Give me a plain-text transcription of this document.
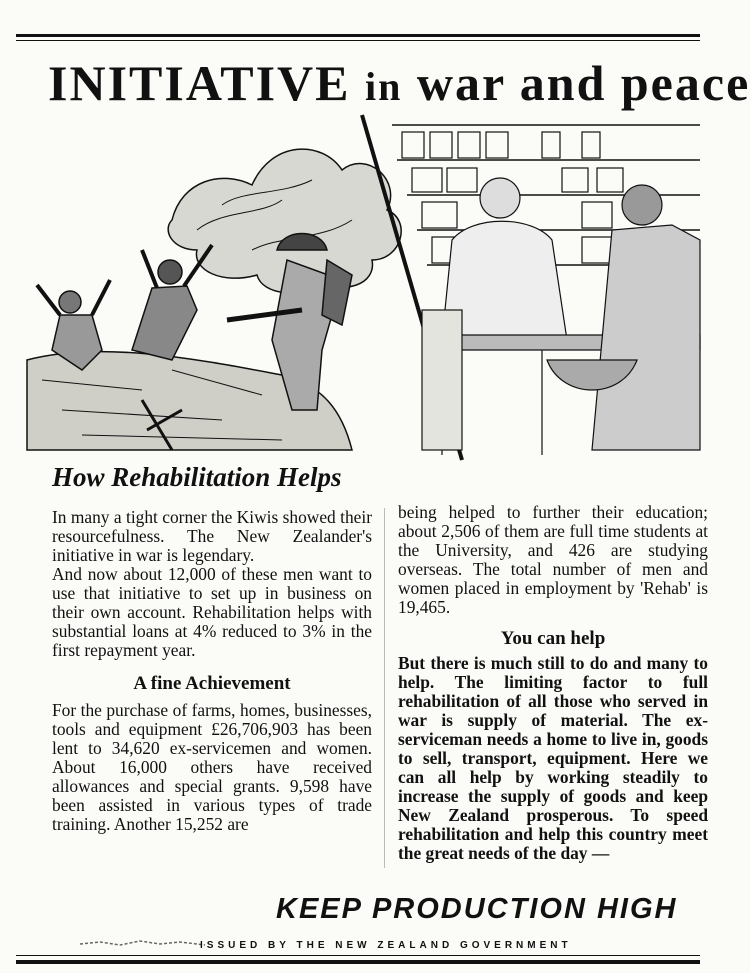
INITIATIVE in war and peace
How Rehabilitation Helps

In many a tight corner the Kiwis showed their resourcefulness. The New Zealander's initiative in war is legendary.

And now about 12,000 of these men want to use that initiative to set up in business on their own account. Rehabilitation helps with substantial loans at 4% reduced to 3% in the first repayment year.

A fine Achievement

For the purchase of farms, homes, businesses, tools and equipment £26,706,903 has been lent to 34,620 ex-servicemen and women. About 16,000 others have received allowances and special grants. 9,598 have been assisted in various types of trade training. Another 15,252 are

being helped to further their education; about 2,506 of them are full time students at the University, and 426 are studying overseas. The total number of men and women placed in employment by 'Rehab' is 19,465.

You can help

But there is much still to do and many to help. The limiting factor to full rehabilitation of all those who served in war is supply of material. The ex-serviceman needs a home to live in, goods to sell, transport, equipment. Here we can all help by working steadily to increase the supply of goods and keep New Zealand prosperous. To speed rehabilitation and help this country meet the great needs of the day —

KEEP PRODUCTION HIGH
ISSUED BY THE NEW ZEALAND GOVERNMENT
